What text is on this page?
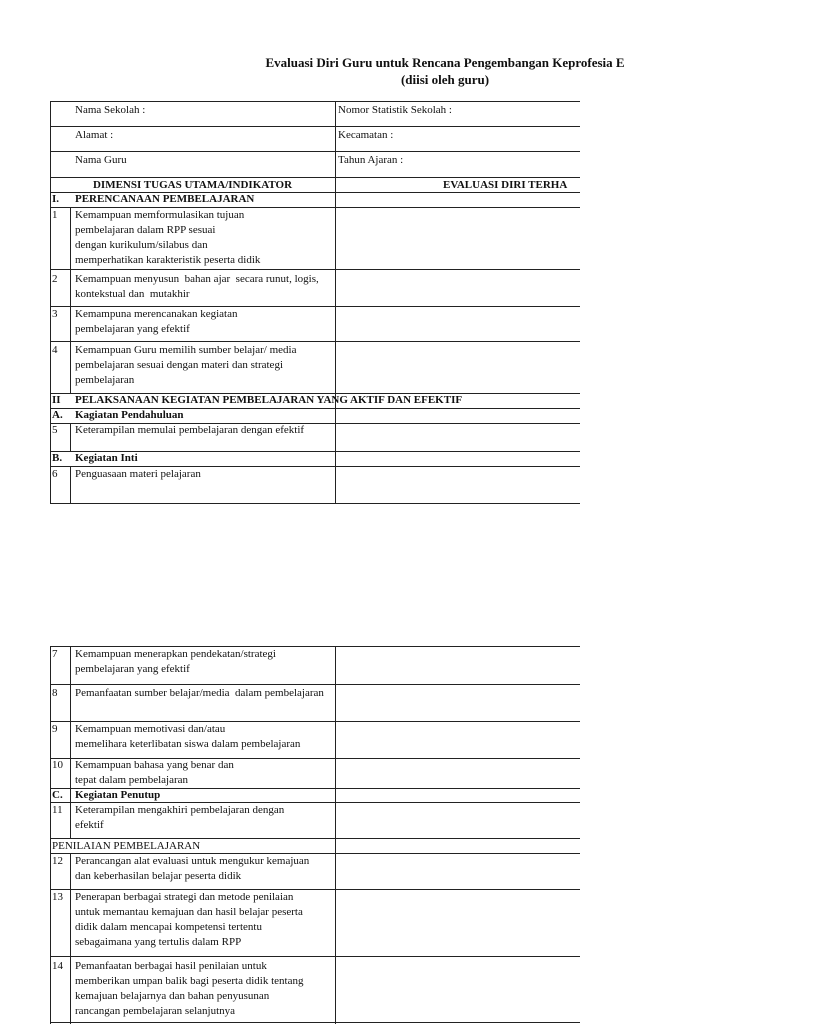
Evaluasi Diri Guru untuk Rencana Pengembangan Keprofesia E
(diisi oleh guru)
Nama Sekolah :	Nomor Statistik Sekolah :
Alamat :	Kecamatan :
Nama Guru	Tahun Ajaran :
DIMENSI TUGAS UTAMA/INDIKATOR	EVALUASI DIRI TERHA
I. PERENCANAAN PEMBELAJARAN
1 Kemampuan memformulasikan tujuan
pembelajaran dalam RPP sesuai
dengan kurikulum/silabus dan
memperhatikan karakteristik peserta didik
2 Kemampuan menyusun  bahan ajar  secara runut, logis,
kontekstual dan  mutakhir
3 Kemampuna merencanakan kegiatan
pembelajaran yang efektif
4 Kemampuan Guru memilih sumber belajar/ media
pembelajaran sesuai dengan materi dan strategi
pembelajaran
II PELAKSANAAN KEGIATAN PEMBELAJARAN YANG AKTIF DAN EFEKTIF
A. Kagiatan Pendahuluan
5 Keterampilan memulai pembelajaran dengan efektif
B. Kegiatan Inti
6 Penguasaan materi pelajaran
7 Kemampuan menerapkan pendekatan/strategi
pembelajaran yang efektif
8 Pemanfaatan sumber belajar/media  dalam pembelajaran
9 Kemampuan memotivasi dan/atau
memelihara keterlibatan siswa dalam pembelajaran
10 Kemampuan bahasa yang benar dan
tepat dalam pembelajaran
C. Kegiatan Penutup
11 Keterampilan mengakhiri pembelajaran dengan
efektif
PENILAIAN PEMBELAJARAN
12 Perancangan alat evaluasi untuk mengukur kemajuan
dan keberhasilan belajar peserta didik
13 Penerapan berbagai strategi dan metode penilaian
untuk memantau kemajuan dan hasil belajar peserta
didik dalam mencapai kompetensi tertentu
sebagaimana yang tertulis dalam RPP
14 Pemanfaatan berbagai hasil penilaian untuk
memberikan umpan balik bagi peserta didik tentang
kemajuan belajarnya dan bahan penyusunan
rancangan pembelajaran selanjutnya
